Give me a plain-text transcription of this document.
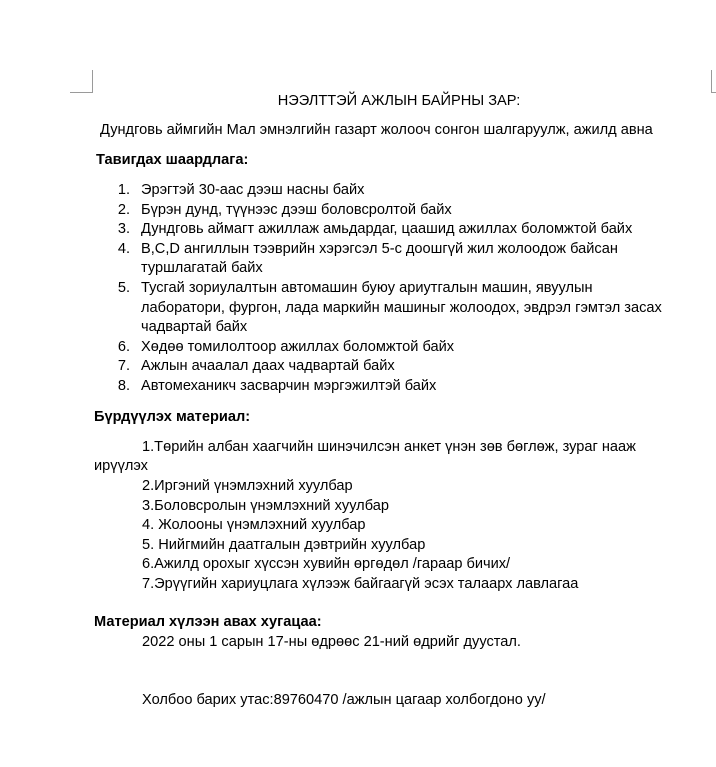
НЭЭЛТТЭЙ АЖЛЫН БАЙРНЫ ЗАР:
Дундговь аймгийн Мал эмнэлгийн газарт жолооч сонгон шалгаруулж, ажилд авна
Тавигдах шаардлага:
1. Эрэгтэй 30-аас дээш насны байх
2. Бүрэн дунд, түүнээс дээш боловсролтой байх
3. Дундговь аймагт ажиллаж амьдардаг, цаашид ажиллах боломжтой байх
4. B,C,D ангиллын тээврийн хэрэгсэл 5-с доошгүй жил жолоодож байсан
туршлагатай байх
5. Тусгай зориулалтын автомашин буюу ариутгалын машин, явуулын
лаборатори, фургон, лада маркийн машиныг жолоодох, эвдрэл гэмтэл засах
чадвартай байх
6. Хөдөө томилолтоор ажиллах боломжтой байх
7. Ажлын ачаалал даах чадвартай байх
8. Автомеханикч засварчин мэргэжилтэй байх
Бүрдүүлэх материал:
1.Төрийн албан хаагчийн шинэчилсэн анкет үнэн зөв бөглөж, зураг нааж
ирүүлэх
2.Иргэний үнэмлэхний хуулбар
3.Боловсролын үнэмлэхний хуулбар
4. Жолооны үнэмлэхний хуулбар
5. Нийгмийн даатгалын дэвтрийн хуулбар
6.Ажилд орохыг хүссэн хувийн өргөдөл /гараар бичих/
7.Эрүүгийн хариуцлага хүлээж байгаагүй эсэх талаарх лавлагаа
Материал хүлээн авах хугацаа:
2022 оны 1 сарын 17-ны өдрөөс 21-ний өдрийг дуустал.
Холбоо барих утас:89760470 /ажлын цагаар холбогдоно уу/
